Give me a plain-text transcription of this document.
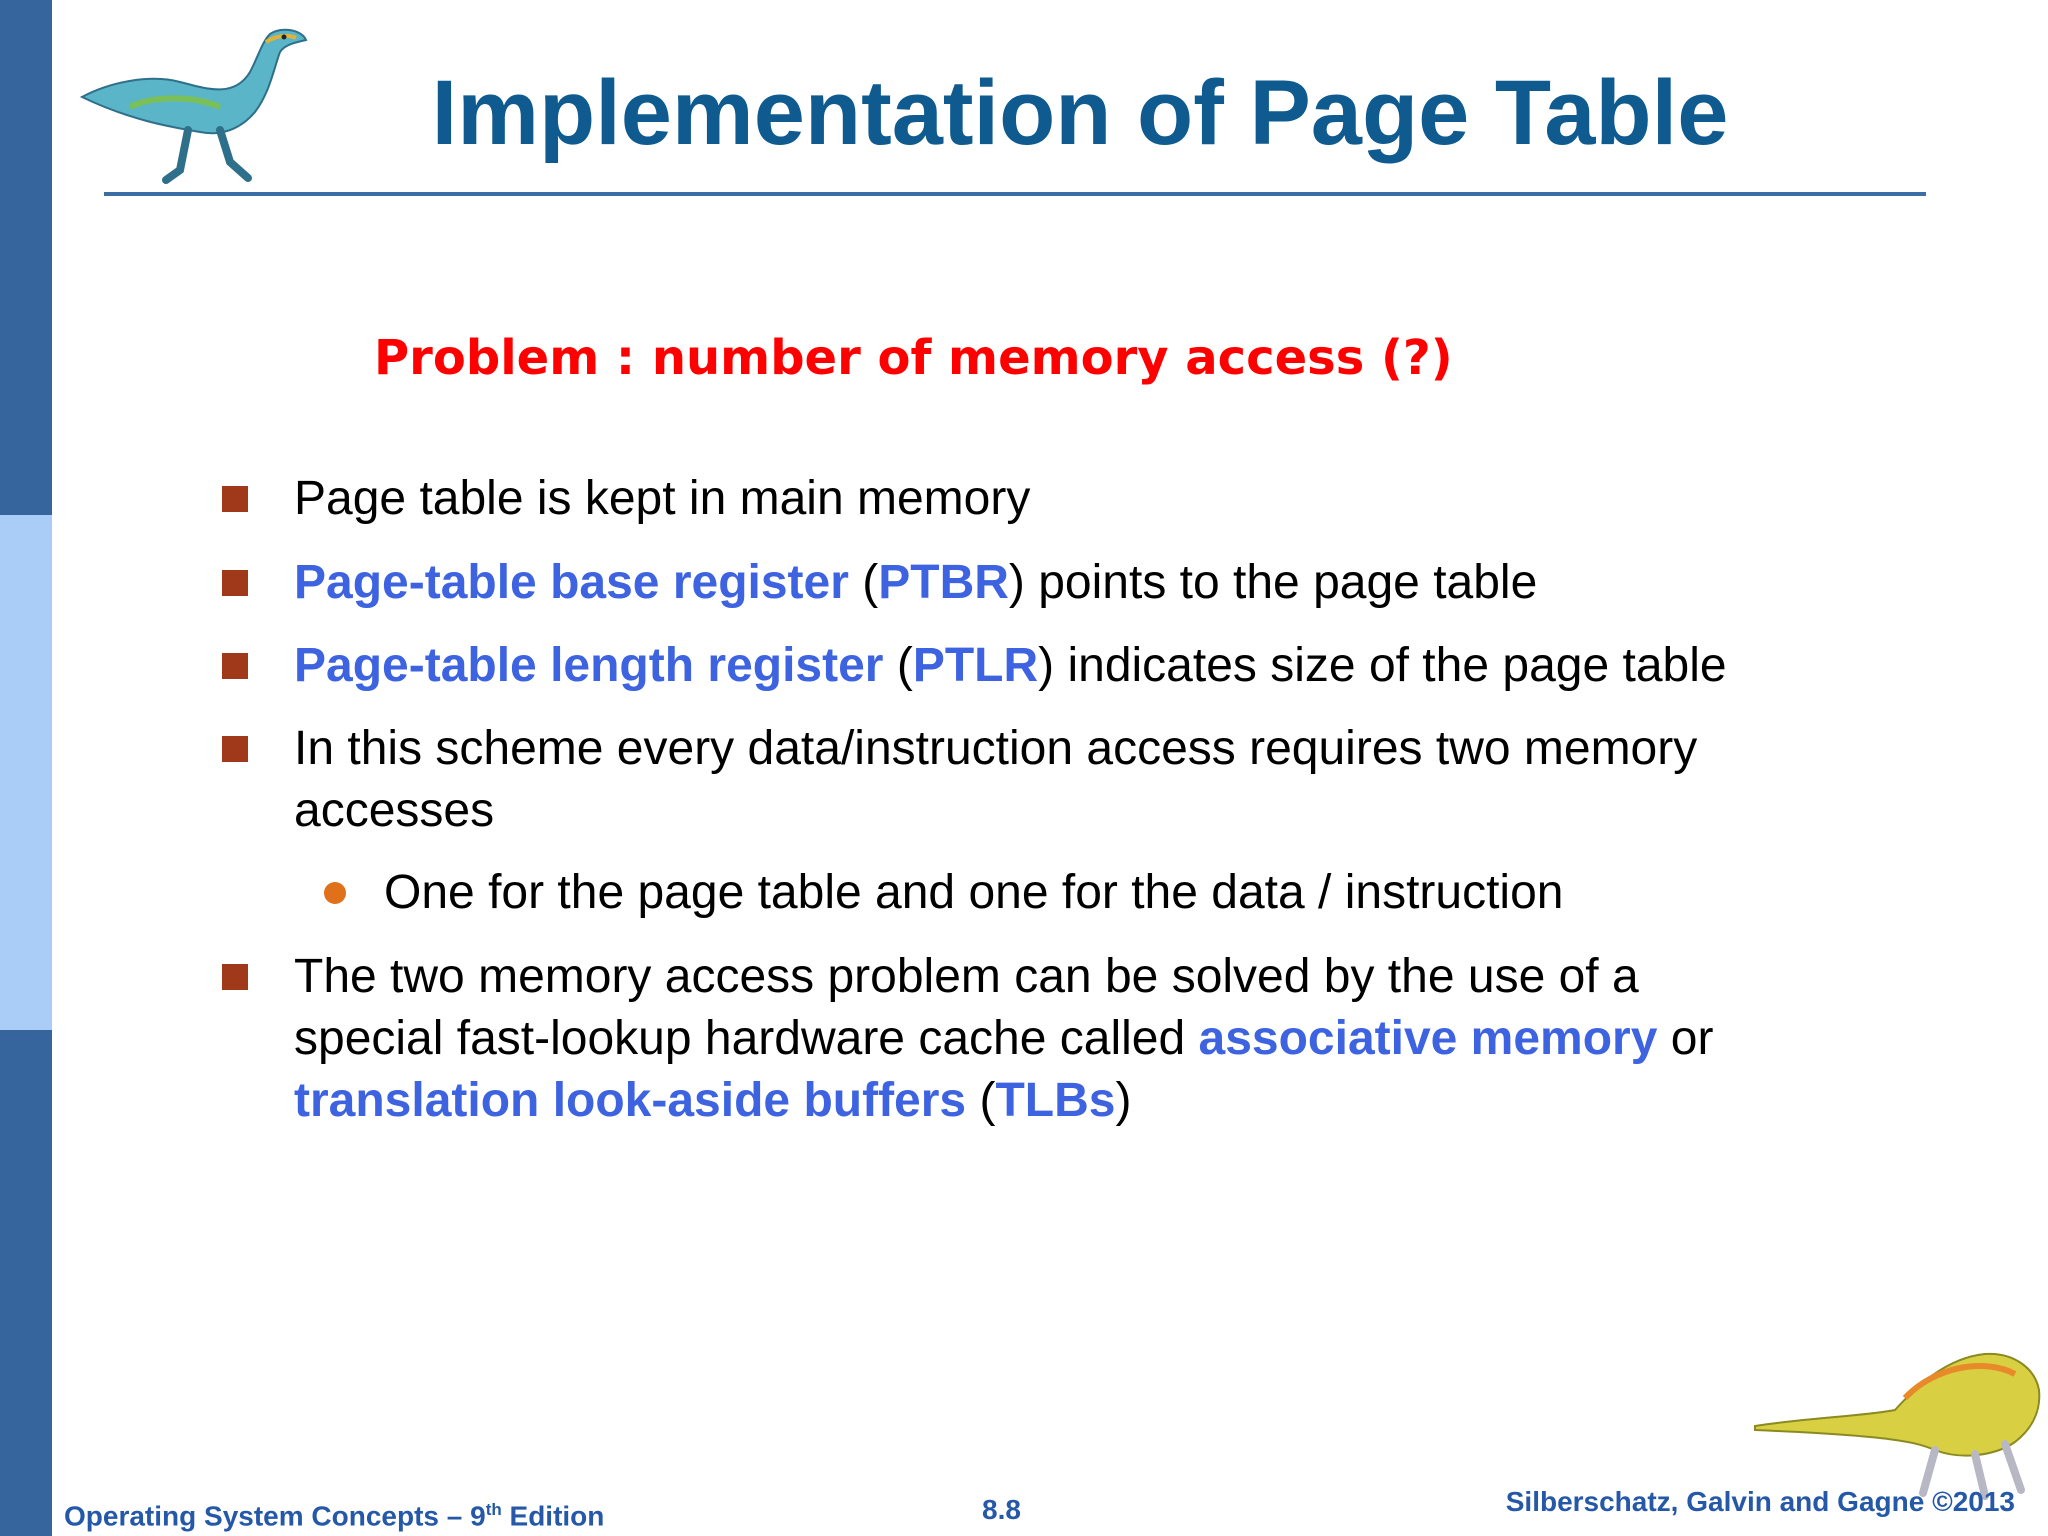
Implementation of Page Table
Problem : number of memory access (?)
Page table is kept in main memory
Page-table base register (PTBR) points to the page table
Page-table length register (PTLR) indicates size of the page table
In this scheme every data/instruction access requires two memory accesses
One for the page table and one for the data / instruction
The two memory access problem can be solved by the use of a special fast-lookup hardware cache called associative memory or translation look-aside buffers (TLBs)
Operating System Concepts – 9th Edition	8.8	Silberschatz, Galvin and Gagne ©2013
